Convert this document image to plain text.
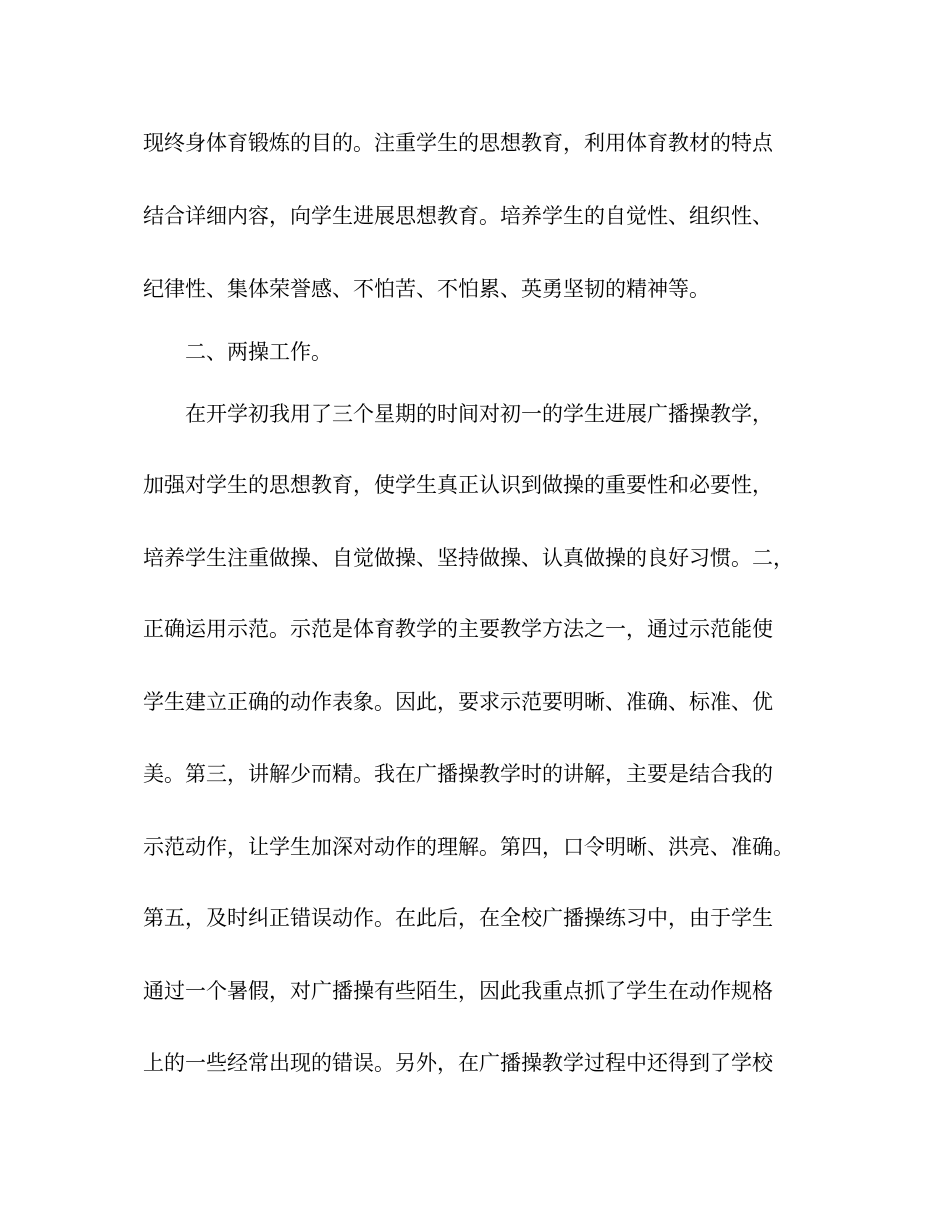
现终身体育锻炼的目的。注重学生的思想教育，利用体育教材的特点
结合详细内容，向学生进展思想教育。培养学生的自觉性、组织性、
纪律性、集体荣誉感、不怕苦、不怕累、英勇坚韧的精神等。
二、两操工作。
在开学初我用了三个星期的时间对初一的学生进展广播操教学，
加强对学生的思想教育，使学生真正认识到做操的重要性和必要性，
培养学生注重做操、自觉做操、坚持做操、认真做操的良好习惯。二，
正确运用示范。示范是体育教学的主要教学方法之一，通过示范能使
学生建立正确的动作表象。因此，要求示范要明晰、准确、标准、优
美。第三，讲解少而精。我在广播操教学时的讲解，主要是结合我的
示范动作，让学生加深对动作的理解。第四，口令明晰、洪亮、准确。
第五，及时纠正错误动作。在此后，在全校广播操练习中，由于学生
通过一个暑假，对广播操有些陌生，因此我重点抓了学生在动作规格
上的一些经常出现的错误。另外，在广播操教学过程中还得到了学校
